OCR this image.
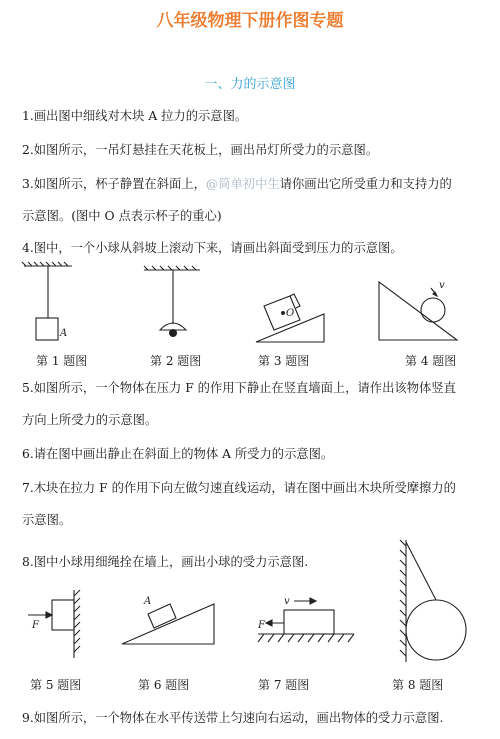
八年级物理下册作图专题
一、力的示意图
1.画出图中细线对木块 A 拉力的示意图。
2.如图所示，一吊灯悬挂在天花板上，画出吊灯所受力的示意图。
3.如图所示，杯子静置在斜面上，@简单初中生请你画出它所受重力和支持力的
示意图。(图中 O 点表示杯子的重心)
4.图中，一个小球从斜坡上滚动下来，请画出斜面受到压力的示意图。
A
O
v
第 1 题图	第 2 题图	第 3 题图	第 4 题图
5.如图所示，一个物体在压力 F 的作用下静止在竖直墙面上，请作出该物体竖直
方向上所受力的示意图。
6.请在图中画出静止在斜面上的物体 A 所受力的示意图。
7.木块在拉力 F 的作用下向左做匀速直线运动，请在图中画出木块所受摩擦力的
示意图。
8.图中小球用细绳拴在墙上，画出小球的受力示意图.
F
A	v
F
第 5 题图	第 6 题图	第 7 题图	第 8 题图
9.如图所示，一个物体在水平传送带上匀速向右运动，画出物体的受力示意图.
